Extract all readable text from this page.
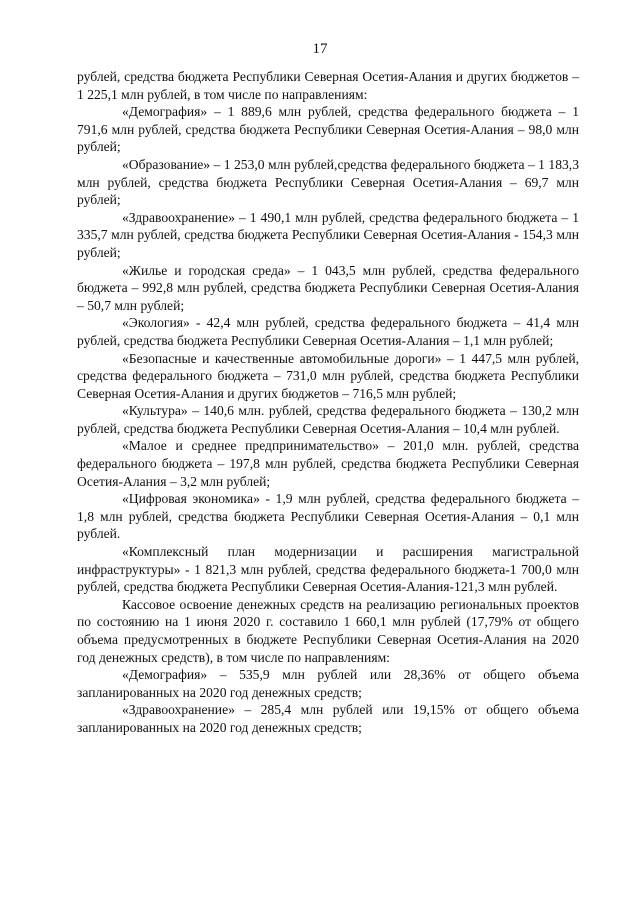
17

рублей, средства бюджета Республики Северная Осетия-Алания и других бюджетов – 1 225,1 млн рублей, в том числе по направлениям:

«Демография» – 1 889,6 млн рублей, средства федерального бюджета – 1 791,6 млн рублей, средства бюджета Республики Северная Осетия-Алания – 98,0 млн рублей;

«Образование» – 1 253,0 млн рублей,средства федерального бюджета – 1 183,3 млн рублей, средства бюджета Республики Северная Осетия-Алания – 69,7 млн рублей;

«Здравоохранение» – 1 490,1 млн рублей, средства федерального бюджета – 1 335,7 млн рублей, средства бюджета Республики Северная Осетия-Алания - 154,3 млн рублей;

«Жилье и городская среда» – 1 043,5 млн рублей, средства федерального бюджета – 992,8 млн рублей, средства бюджета Республики Северная Осетия-Алания – 50,7 млн рублей;

«Экология» - 42,4 млн рублей, средства федерального бюджета – 41,4 млн рублей, средства бюджета Республики Северная Осетия-Алания – 1,1 млн рублей;

«Безопасные и качественные автомобильные дороги» – 1 447,5 млн рублей, средства федерального бюджета – 731,0 млн рублей, средства бюджета Республики Северная Осетия-Алания и других бюджетов – 716,5 млн рублей;

«Культура» – 140,6 млн. рублей, средства федерального бюджета – 130,2 млн рублей, средства бюджета Республики Северная Осетия-Алания – 10,4 млн рублей.

«Малое и среднее предпринимательство» – 201,0 млн. рублей, средства федерального бюджета – 197,8 млн рублей, средства бюджета Республики Северная Осетия-Алания – 3,2 млн рублей;

«Цифровая экономика» - 1,9 млн рублей, средства федерального бюджета – 1,8 млн рублей, средства бюджета Республики Северная Осетия-Алания – 0,1 млн рублей.

«Комплексный план модернизации и расширения магистральной инфраструктуры» - 1 821,3 млн рублей, средства федерального бюджета-1 700,0 млн рублей, средства бюджета Республики Северная Осетия-Алания-121,3 млн рублей.

Кассовое освоение денежных средств на реализацию региональных проектов по состоянию на 1 июня 2020 г. составило 1 660,1 млн рублей (17,79% от общего объема предусмотренных в бюджете Республики Северная Осетия-Алания на 2020 год денежных средств), в том числе по направлениям:

«Демография» – 535,9 млн рублей или 28,36% от общего объема запланированных на 2020 год денежных средств;

«Здравоохранение» – 285,4 млн рублей или 19,15% от общего объема запланированных на 2020 год денежных средств;
